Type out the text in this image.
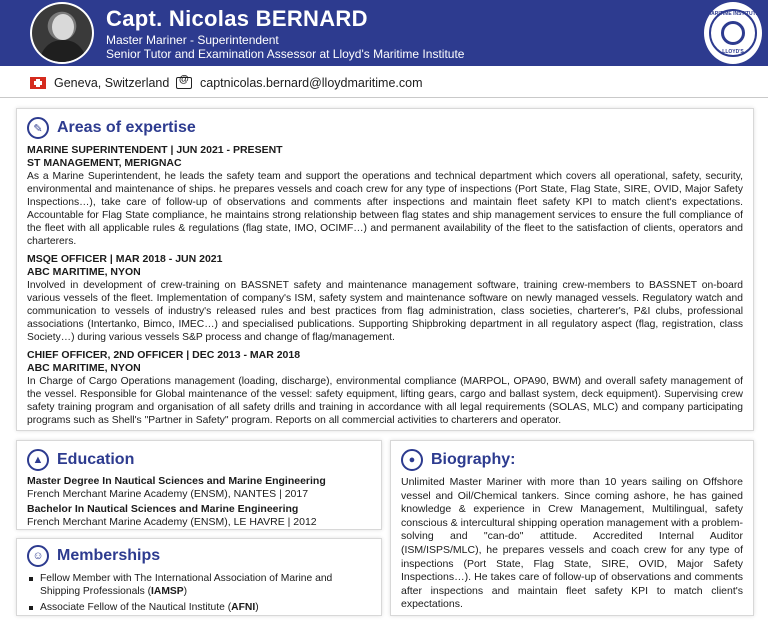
Capt. Nicolas BERNARD
Master Mariner - Superintendent
Senior Tutor and Examination Assessor at Lloyd's Maritime Institute
MARITIME INSTITUTE
LLOYD'S
Geneva, Switzerland
@ captnicolas.bernard@lloydmaritime.com
✎ Areas of expertise
MARINE SUPERINTENDENT | JUN 2021 - PRESENT
ST MANAGEMENT, MERIGNAC
As a Marine Superintendent, he leads the safety team and support the operations and technical department which covers all operational, safety, security, environmental and maintenance of ships. he prepares vessels and coach crew for any type of inspections (Port State, Flag State, SIRE, OVID, Major Safety Inspections…), take care of follow-up of observations and comments after inspections and maintain fleet safety KPI to match client's expectations. Accountable for Flag State compliance, he maintains strong relationship between flag states and ship management services to ensure the full compliance of the fleet with all applicable rules & regulations (flag state, IMO, OCIMF…) and permanent availability of the fleet to the satisfaction of clients, operators and charterers.
MSQE OFFICER | MAR 2018 - JUN 2021
ABC MARITIME, NYON
Involved in development of crew-training on BASSNET safety and maintenance management software, training crew-members to BASSNET on-board various vessels of the fleet. Implementation of company's ISM, safety system and maintenance software on newly managed vessels. Regulatory watch and communication to vessels of industry's released rules and best practices from flag administration, class societies, charterer's, P&I clubs, professional associations (Intertanko, Bimco, IMEC…) and specialised publications. Supporting Shipbroking department in all regulatory aspect (flag, registration, class Society…) during various vessels S&P process and change of flag/management.
CHIEF OFFICER, 2ND OFFICER | DEC 2013 - MAR 2018
ABC MARITIME, NYON
In Charge of Cargo Operations management (loading, discharge), environmental compliance (MARPOL, OPA90, BWM) and overall safety management of the vessel. Responsible for Global maintenance of the vessel: safety equipment, lifting gears, cargo and ballast system, deck equipment). Supervising crew safety training program and organisation of all safety drills and training in accordance with all legal requirements (SOLAS, MLC) and company participating programs such as Shell's "Partner in Safety" program. Reports on all commercial activities to charterers and operator.
▲ Education
Master Degree In Nautical Sciences and Marine Engineering
French Merchant Marine Academy (ENSM), NANTES | 2017
Bachelor In Nautical Sciences and Marine Engineering
French Merchant Marine Academy (ENSM), LE HAVRE | 2012
☺ Memberships
Fellow Member with The International Association of Marine and Shipping Professionals (IAMSP)
Associate Fellow of the Nautical Institute (AFNI)
● Biography:
Unlimited Master Mariner with more than 10 years sailing on Offshore vessel and Oil/Chemical tankers. Since coming ashore, he has gained knowledge & experience in Crew Management, Multilingual, safety conscious & intercultural shipping operation management with a problem-solving and "can-do" attitude. Accredited Internal Auditor (ISM/ISPS/MLC), he prepares vessels and coach crew for any type of inspections (Port State, Flag State, SIRE, OVID, Major Safety Inspections…). He takes care of follow-up of observations and comments after inspections and maintain fleet safety KPI to match client's expectations.
